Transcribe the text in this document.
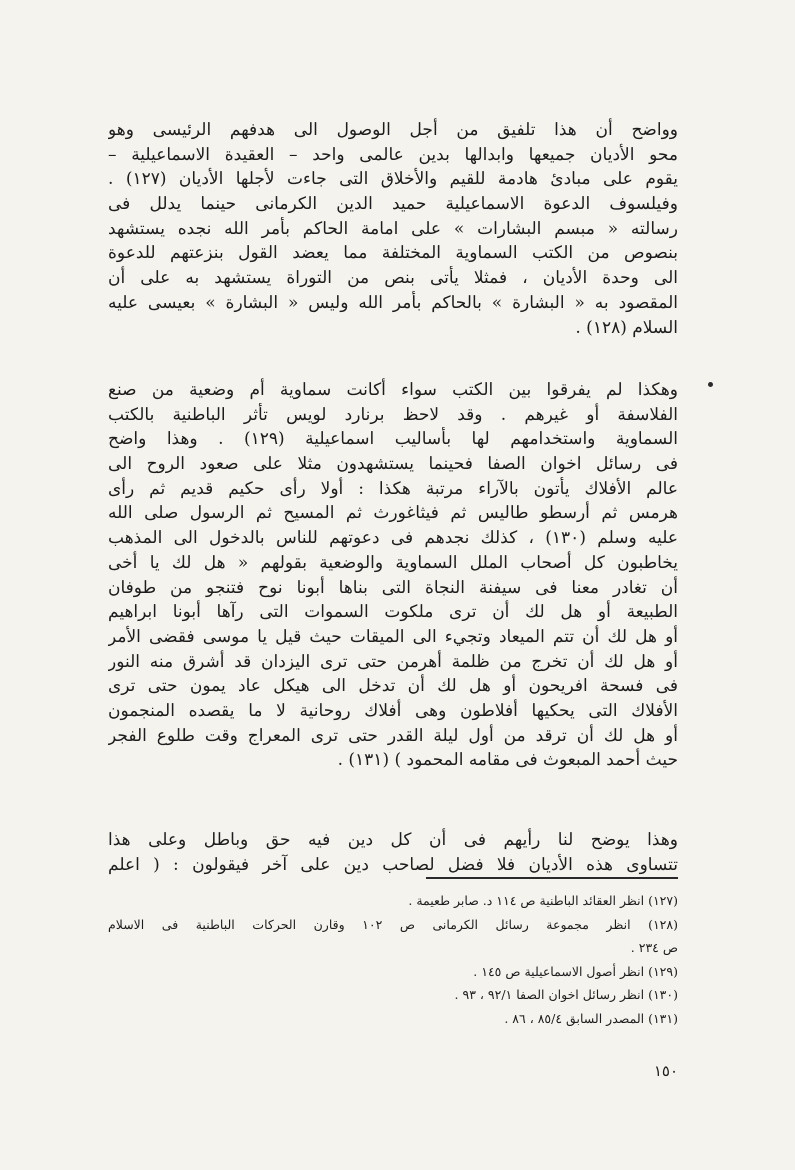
وواضح أن هذا تلفيق من أجل الوصول الى هدفهم الرئيسى وهو
محو الأديان جميعها وابدالها بدين عالمى واحد – العقيدة الاسماعيلية –
يقوم على مبادئ هادمة للقيم والأخلاق التى جاءت لأجلها الأديان (١٢٧) .
وفيلسوف الدعوة الاسماعيلية حميد الدين الكرمانى حينما يدلل فى
رسالته « مبسم البشارات » على امامة الحاكم بأمر الله نجده يستشهد
بنصوص من الكتب السماوية المختلفة مما يعضد القول بنزعتهم للدعوة
الى وحدة الأديان ، فمثلا يأتى بنص من التوراة يستشهد به على أن
المقصود به « البشارة » بالحاكم بأمر الله وليس « البشارة » بعيسى عليه
السلام (١٢٨) .
وهكذا لم يفرقوا بين الكتب سواء أكانت سماوية أم وضعية من صنع
الفلاسفة أو غيرهم . وقد لاحظ برنارد لويس تأثر الباطنية بالكتب
السماوية واستخدامهم لها بأساليب اسماعيلية (١٢٩) . وهذا واضح
فى رسائل اخوان الصفا فحينما يستشهدون مثلا على صعود الروح الى
عالم الأفلاك يأتون بالآراء مرتبة هكذا : أولا رأى حكيم قديم ثم رأى
هرمس ثم أرسطو طاليس ثم فيثاغورث ثم المسيح ثم الرسول صلى الله
عليه وسلم (١٣٠) ، كذلك نجدهم فى دعوتهم للناس بالدخول الى المذهب
يخاطبون كل أصحاب الملل السماوية والوضعية بقولهم « هل لك يا أخى
أن تغادر معنا فى سيفنة النجاة التى بناها أبونا نوح فتنجو من طوفان
الطبيعة أو هل لك أن ترى ملكوت السموات التى رآها أبونا ابراهيم
أو هل لك أن تتم الميعاد وتجيء الى الميقات حيث قيل يا موسى فقضى الأمر
أو هل لك أن تخرج من ظلمة أهرمن حتى ترى اليزدان قد أشرق منه النور
فى فسحة افريحون أو هل لك أن تدخل الى هيكل عاد يمون حتى ترى
الأفلاك التى يحكيها أفلاطون وهى أفلاك روحانية لا ما يقصده المنجمون
أو هل لك أن ترقد من أول ليلة القدر حتى ترى المعراج وقت طلوع الفجر
حيث أحمد المبعوث فى مقامه المحمود ) (١٣١) .
وهذا يوضح لنا رأيهم فى أن كل دين فيه حق وباطل وعلى هذا
تتساوى هذه الأديان فلا فضل لصاحب دين على آخر فيقولون : ( اعلم
(١٢٧) انظر العقائد الباطنية ص ١١٤ د. صابر طعيمة .
(١٢٨) انظر مجموعة رسائل الكرمانى ص ١٠٢ وقارن الحركات الباطنية فى الاسلام
ص ٢٣٤ .
(١٢٩) انظر أصول الاسماعيلية ص ١٤٥ .
(١٣٠) انظر رسائل اخوان الصفا ٩٢/١ ، ٩٣ .
(١٣١) المصدر السابق ٨٥/٤ ، ٨٦ .
١٥٠
